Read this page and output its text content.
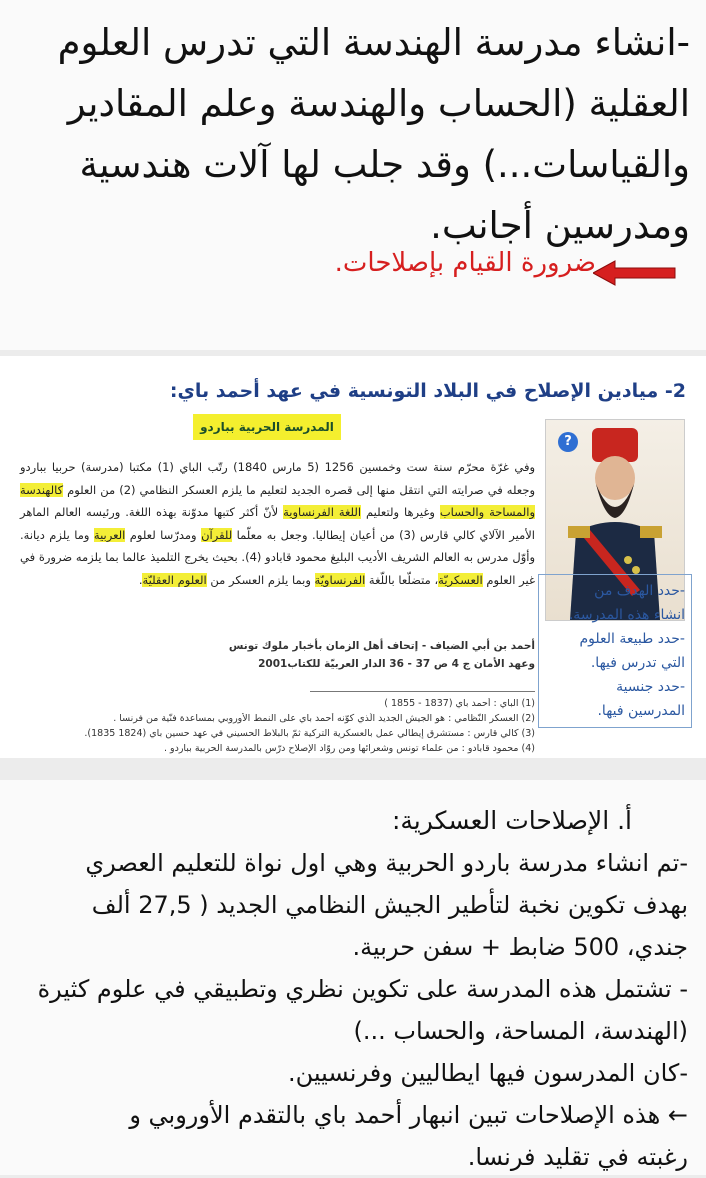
-انشاء مدرسة الهندسة التي تدرس العلوم
العقلية (الحساب والهندسة وعلم المقادير
والقياسات...) وقد جلب لها آلات هندسية
ومدرسين أجانب.
ضرورة القيام بإصلاحات.
2- ميادين الإصلاح في البلاد التونسية في عهد أحمد باي:
المدرسة الحربية بباردو
?
وفي غرّة محرّم سنة ست وخمسين 1256 (5 مارس 1840) رتّب الباي (1) مكتبا (مدرسة) حربيا بباردو وجعله في صرايته التي انتقل منها إلى قصره الجديد لتعليم ما يلزم العسكر النظامي (2) من العلوم كالهندسة والمساحة والحساب وغيرها ولتعليم اللغة الفرنساوية لأنّ أكثر كتبها مدوّنة بهذه اللغة. ورئيسه العالم الماهر الأمير الآلاي كالي قارس (3) من أعيان إيطاليا. وجعل به معلّما للقرآن ومدرّسا لعلوم العربية وما يلزم ديانة. وأوّل مدرس به العالم الشريف الأديب البليغ محمود قابادو (4). بحيث يخرج التلميذ عالما بما يلزمه ضرورة في غير العلوم العسكريّة، متضلّعا باللّغة الفرنساويّة وبما يلزم العسكر من العلوم العقليّة.
أحمد بن أبي الضياف - إتحاف أهل الزمان بأخبار ملوك تونس
وعهد الأمان ج 4 ص 37 - 36 الدار العربيّة للكتاب2001
(1) الباي : أحمد باي (1837 - 1855 )
(2) العسكر النّظامي : هو الجيش الجديد الّذي كوّنه أحمد باي على النمط الأوروبي بمساعدة فنّية من فرنسا .
(3) كالي قارس : مستشرق إيطالي عمل بالعسكرية التركية ثمّ بالبلاط الحسيني في عهد حسين باي (1824 1835).
(4) محمود قابادو : من علماء تونس وشعرائها ومن روّاد الإصلاح درّس بالمدرسة الحربية بباردو .
-حدد الهدف من
انشاء هذه المدرسة.
-حدد طبيعة العلوم
التي تدرس فيها.
-حدد جنسية
المدرسين فيها.
أ. الإصلاحات العسكرية:
-تم انشاء مدرسة باردو الحربية وهي اول نواة للتعليم العصري
بهدف تكوين نخبة لتأطير الجيش النظامي الجديد ( 27,5 ألف
جندي، 500 ضابط + سفن حربية.
- تشتمل هذه المدرسة على تكوين نظري وتطبيقي في علوم كثيرة
(الهندسة، المساحة، والحساب ...)
-كان المدرسون فيها ايطاليين وفرنسيين.
← هذه الإصلاحات تبين انبهار أحمد باي بالتقدم الأوروبي و
رغبته في تقليد فرنسا.
